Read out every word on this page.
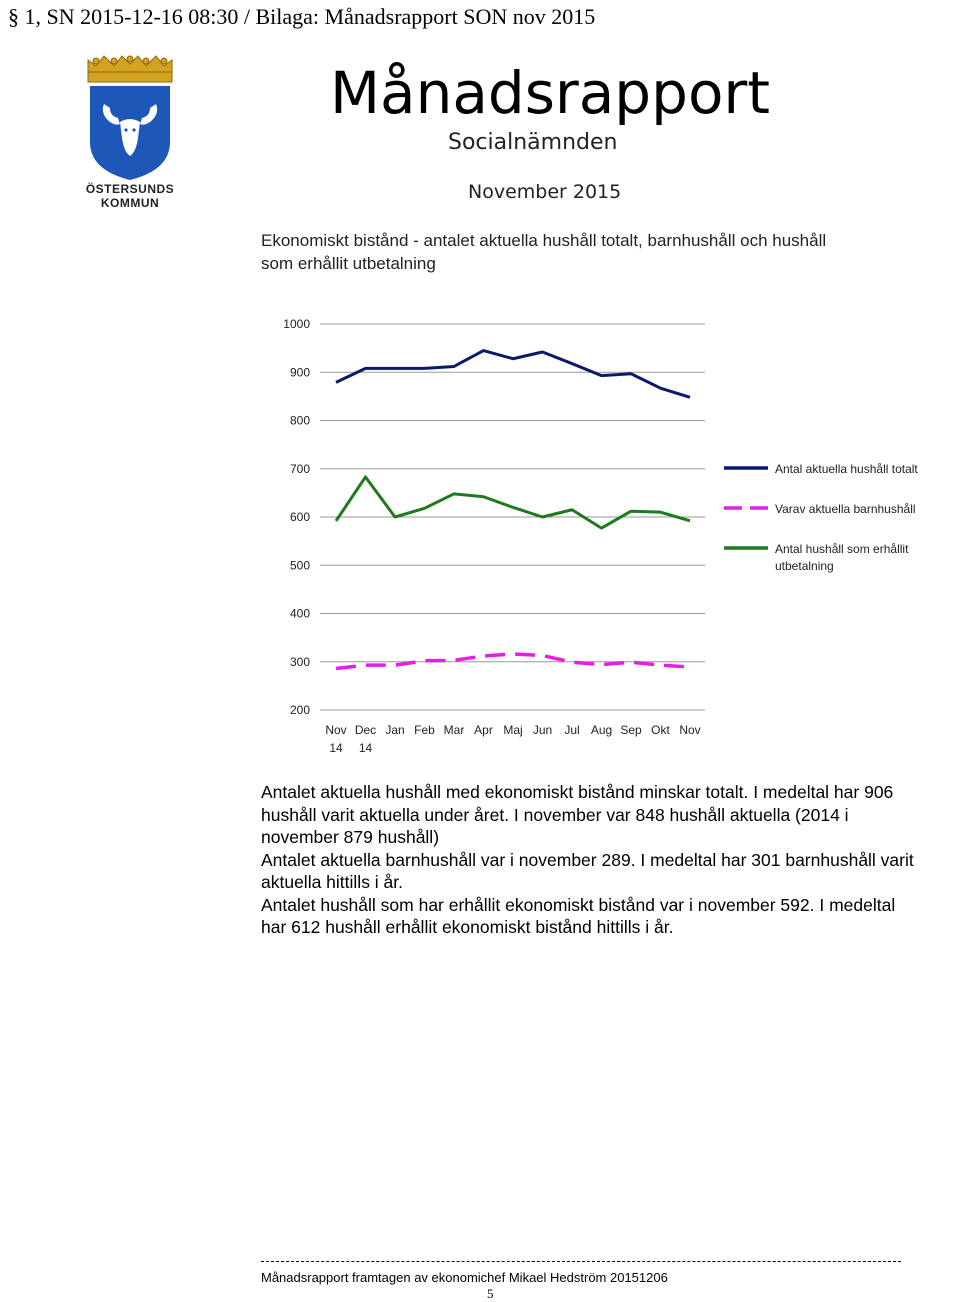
§ 1, SN 2015-12-16 08:30 / Bilaga: Månadsrapport SON nov 2015
ÖSTERSUNDS
KOMMUN
Månadsrapport
Socialnämnden
November 2015
Ekonomiskt bistånd - antalet aktuella hushåll totalt, barnhushåll och hushåll som erhållit utbetalning
200
300
400
500
600
700
800
900
1000
Nov
14
Dec
14
Jan Feb Mar Apr Maj Jun Jul Aug Sep Okt Nov
Antal aktuella hushåll totalt
Varav aktuella barnhushåll
Antal hushåll som erhållit
utbetalning

Antalet aktuella hushåll med ekonomiskt bistånd minskar totalt. I medeltal har 906 hushåll varit aktuella under året. I november var 848 hushåll aktuella (2014 i november 879 hushåll)

Antalet aktuella barnhushåll var i november 289. I medeltal har 301 barnhushåll varit aktuella hittills i år.

Antalet hushåll som har erhållit ekonomiskt bistånd var i november 592. I medeltal har 612 hushåll erhållit ekonomiskt bistånd hittills i år.

Månadsrapport framtagen av ekonomichef Mikael Hedström 20151206
5
